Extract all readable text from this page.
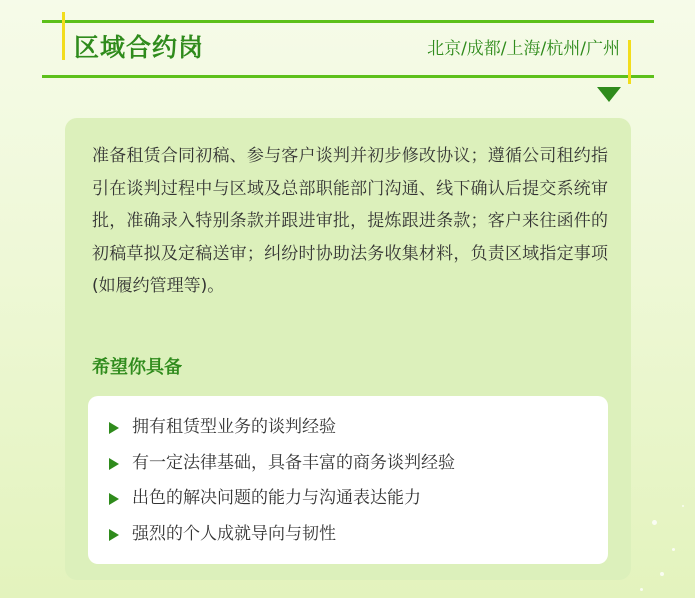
区域合约岗	北京/成都/上海/杭州/广州

准备租赁合同初稿、参与客户谈判并初步修改协议；遵循公司租约指引在谈判过程中与区域及总部职能部门沟通、线下确认后提交系统审批，准确录入特别条款并跟进审批，提炼跟进条款；客户来往函件的初稿草拟及定稿送审；纠纷时协助法务收集材料，负责区域指定事项(如履约管理等)。

希望你具备
拥有租赁型业务的谈判经验
有一定法律基础，具备丰富的商务谈判经验
出色的解决问题的能力与沟通表达能力
强烈的个人成就导向与韧性
